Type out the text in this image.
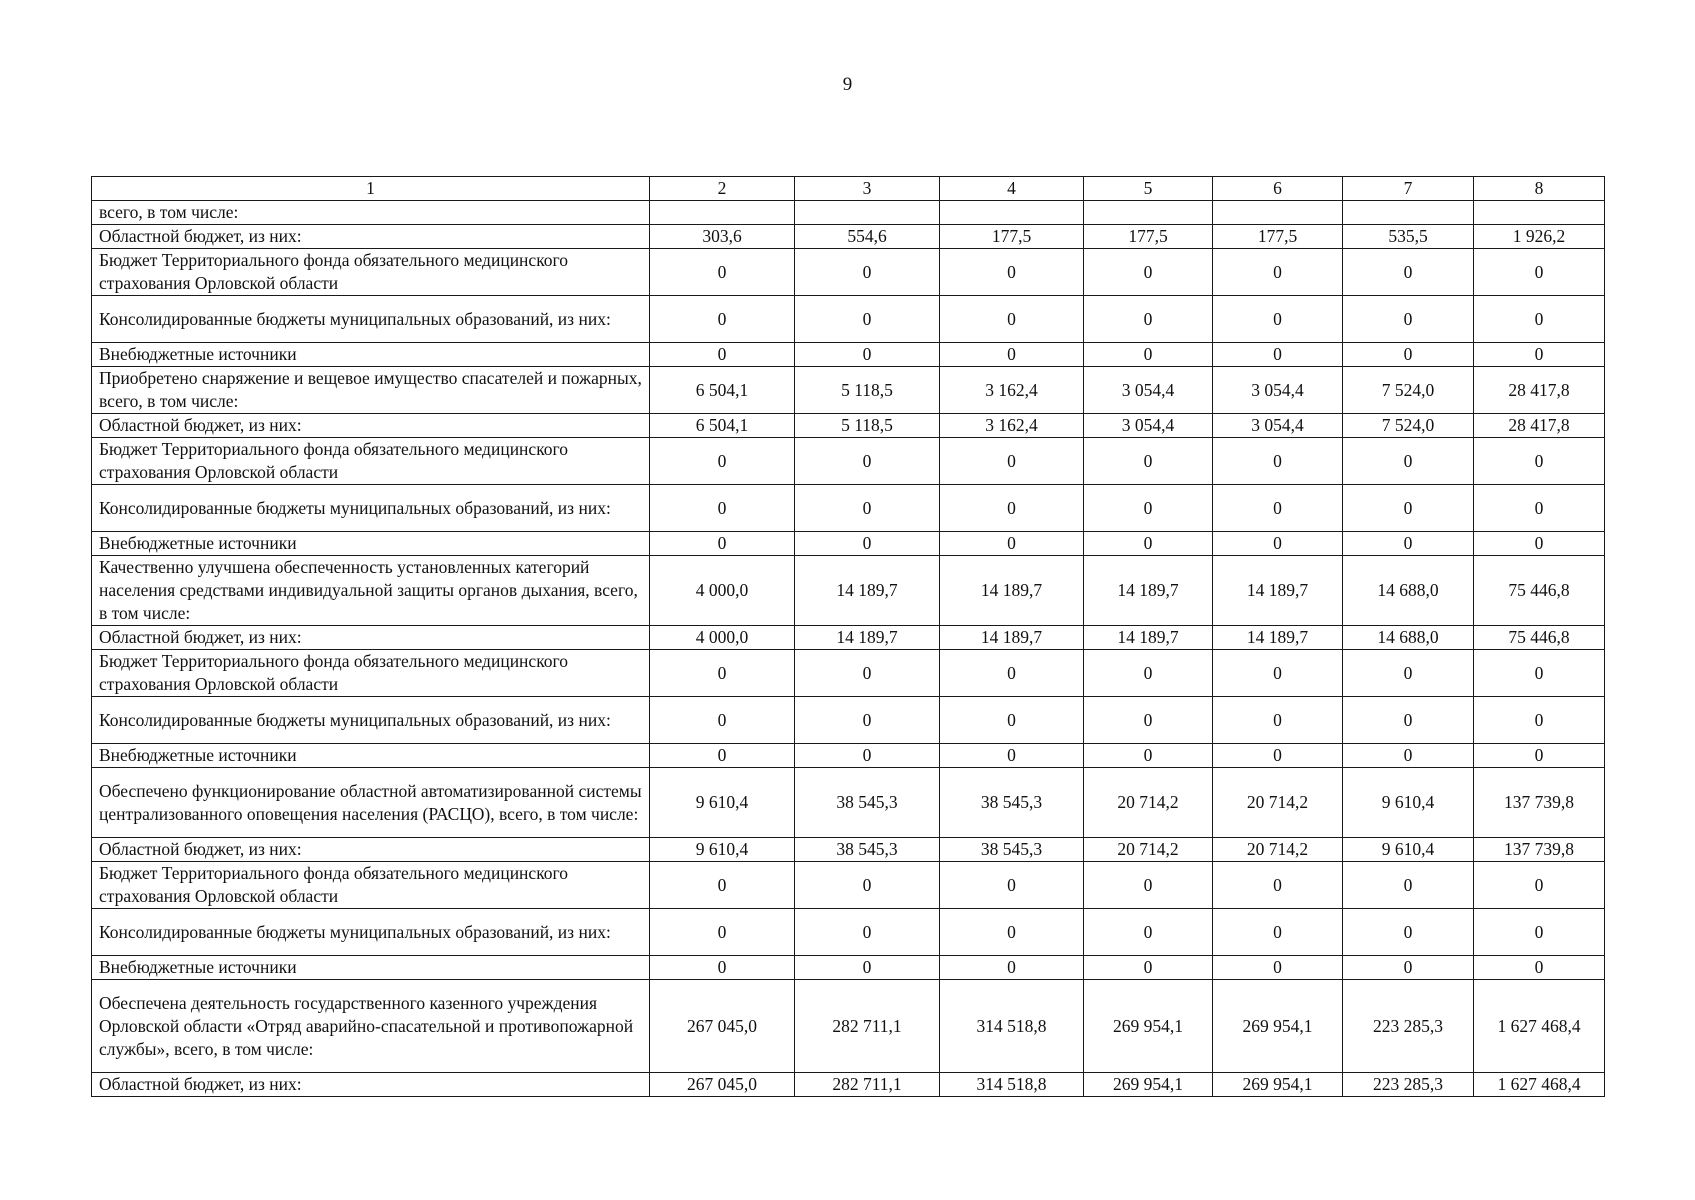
9
1	2	3	4	5	6	7	8
всего, в том числе:							
Областной бюджет, из них:	303,6	554,6	177,5	177,5	177,5	535,5	1 926,2
Бюджет Территориального фонда обязательного медицинского страхования Орловской области	0	0	0	0	0	0	0
Консолидированные бюджеты муниципальных образований, из них:	0	0	0	0	0	0	0
Внебюджетные источники	0	0	0	0	0	0	0
Приобретено снаряжение и вещевое имущество спасателей и пожарных, всего, в том числе:	6 504,1	5 118,5	3 162,4	3 054,4	3 054,4	7 524,0	28 417,8
Областной бюджет, из них:	6 504,1	5 118,5	3 162,4	3 054,4	3 054,4	7 524,0	28 417,8
Бюджет Территориального фонда обязательного медицинского страхования Орловской области	0	0	0	0	0	0	0
Консолидированные бюджеты муниципальных образований, из них:	0	0	0	0	0	0	0
Внебюджетные источники	0	0	0	0	0	0	0
Качественно улучшена обеспеченность установленных категорий населения средствами индивидуальной защиты органов дыхания, всего, в том числе:	4 000,0	14 189,7	14 189,7	14 189,7	14 189,7	14 688,0	75 446,8
Областной бюджет, из них:	4 000,0	14 189,7	14 189,7	14 189,7	14 189,7	14 688,0	75 446,8
Бюджет Территориального фонда обязательного медицинского страхования Орловской области	0	0	0	0	0	0	0
Консолидированные бюджеты муниципальных образований, из них:	0	0	0	0	0	0	0
Внебюджетные источники	0	0	0	0	0	0	0
Обеспечено функционирование областной автоматизированной системы централизованного оповещения населения (РАСЦО), всего, в том числе:	9 610,4	38 545,3	38 545,3	20 714,2	20 714,2	9 610,4	137 739,8
Областной бюджет, из них:	9 610,4	38 545,3	38 545,3	20 714,2	20 714,2	9 610,4	137 739,8
Бюджет Территориального фонда обязательного медицинского страхования Орловской области	0	0	0	0	0	0	0
Консолидированные бюджеты муниципальных образований, из них:	0	0	0	0	0	0	0
Внебюджетные источники	0	0	0	0	0	0	0
Обеспечена деятельность государственного казенного учреждения Орловской области «Отряд аварийно-спасательной и противопожарной службы», всего, в том числе:	267 045,0	282 711,1	314 518,8	269 954,1	269 954,1	223 285,3	1 627 468,4
Областной бюджет, из них:	267 045,0	282 711,1	314 518,8	269 954,1	269 954,1	223 285,3	1 627 468,4
